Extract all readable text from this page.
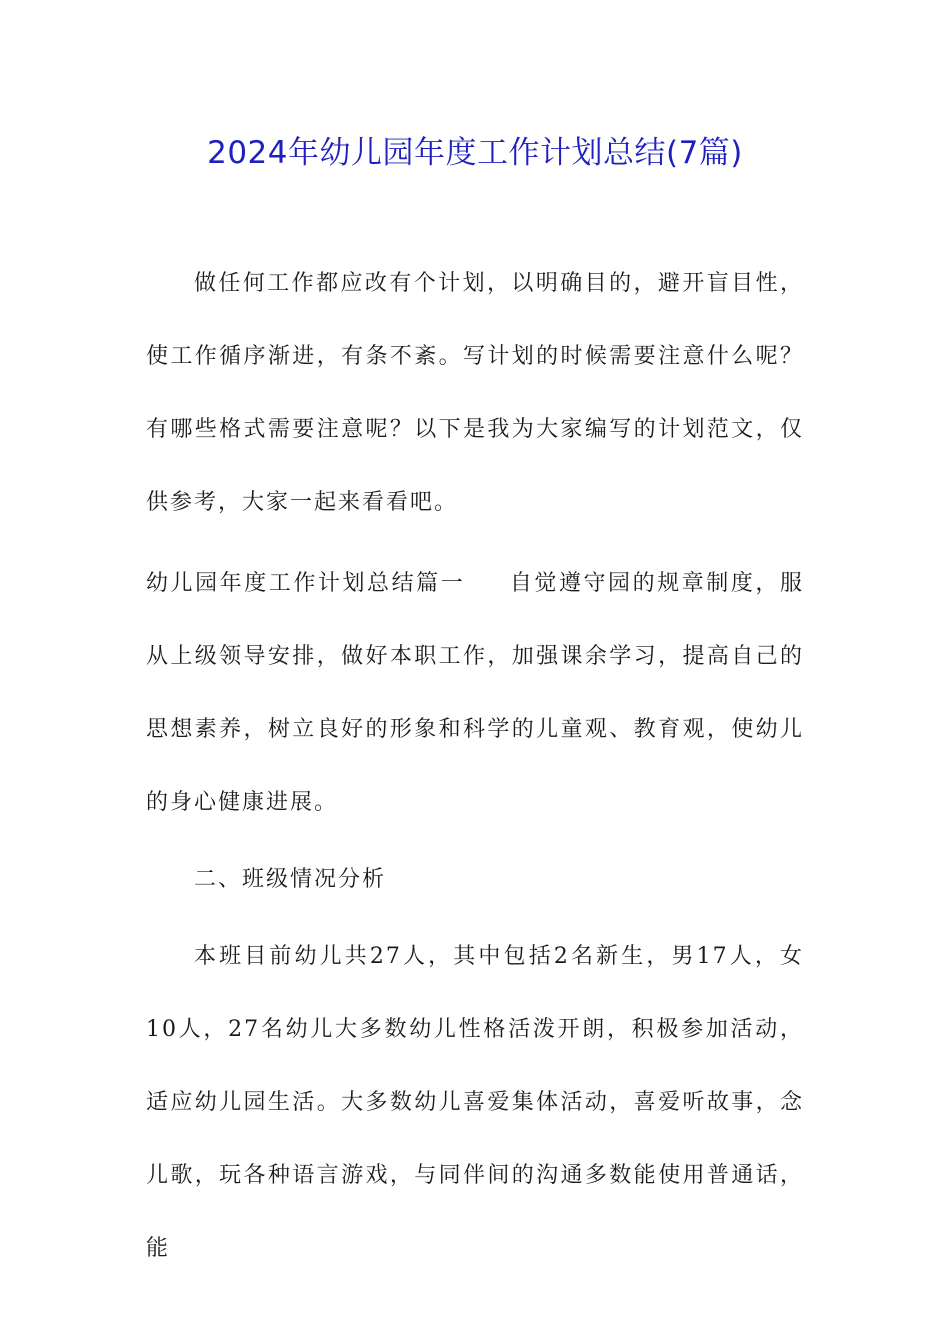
2024年幼儿园年度工作计划总结(7篇)

做任何工作都应改有个计划，以明确目的，避开盲目性，使工作循序渐进，有条不紊。写计划的时候需要注意什么呢？有哪些格式需要注意呢？以下是我为大家编写的计划范文，仅供参考，大家一起来看看吧。

幼儿园年度工作计划总结篇一 自觉遵守园的规章制度，服从上级领导安排，做好本职工作，加强课余学习，提高自己的思想素养，树立良好的形象和科学的儿童观、教育观，使幼儿的身心健康进展。

二、班级情况分析

本班目前幼儿共27人，其中包括2名新生，男17人，女10人，27名幼儿大多数幼儿性格活泼开朗，积极参加活动，适应幼儿园生活。大多数幼儿喜爱集体活动，喜爱听故事，念儿歌，玩各种语言游戏，与同伴间的沟通多数能使用普通话，能
